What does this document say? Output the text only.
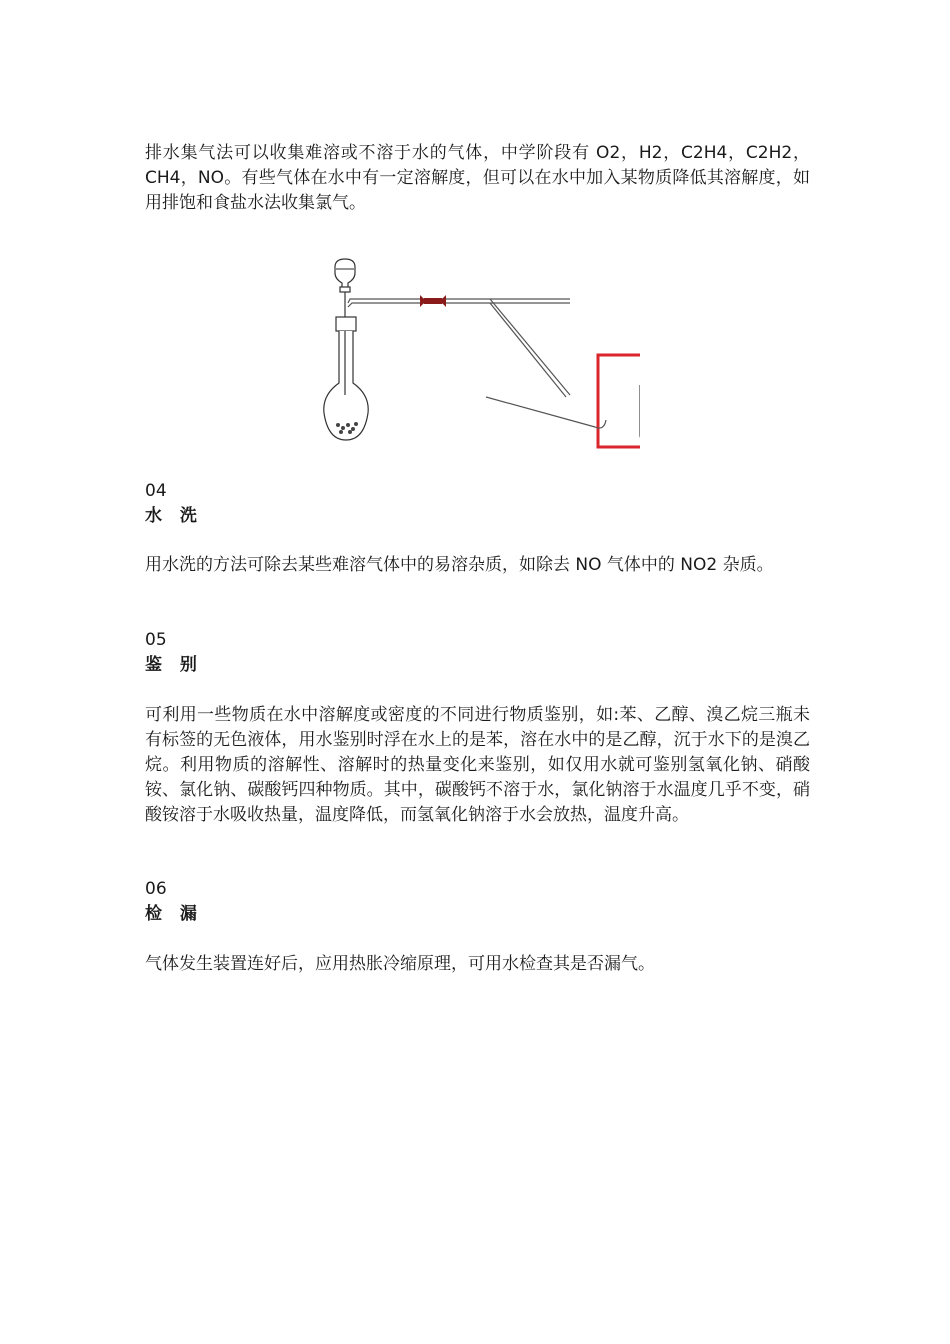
排水集气法可以收集难溶或不溶于水的气体，中学阶段有 O2，H2，C2H4，C2H2，CH4，NO。有些气体在水中有一定溶解度，但可以在水中加入某物质降低其溶解度，如用排饱和食盐水法收集氯气。

04
水 洗

用水洗的方法可除去某些难溶气体中的易溶杂质，如除去 NO 气体中的 NO2 杂质。

05
鉴 别

可利用一些物质在水中溶解度或密度的不同进行物质鉴别，如:苯、乙醇、溴乙烷三瓶未有标签的无色液体，用水鉴别时浮在水上的是苯，溶在水中的是乙醇，沉于水下的是溴乙烷。利用物质的溶解性、溶解时的热量变化来鉴别，如仅用水就可鉴别氢氧化钠、硝酸铵、氯化钠、碳酸钙四种物质。其中，碳酸钙不溶于水，氯化钠溶于水温度几乎不变，硝酸铵溶于水吸收热量，温度降低，而氢氧化钠溶于水会放热，温度升高。

06
检 漏

气体发生装置连好后，应用热胀冷缩原理，可用水检查其是否漏气。
